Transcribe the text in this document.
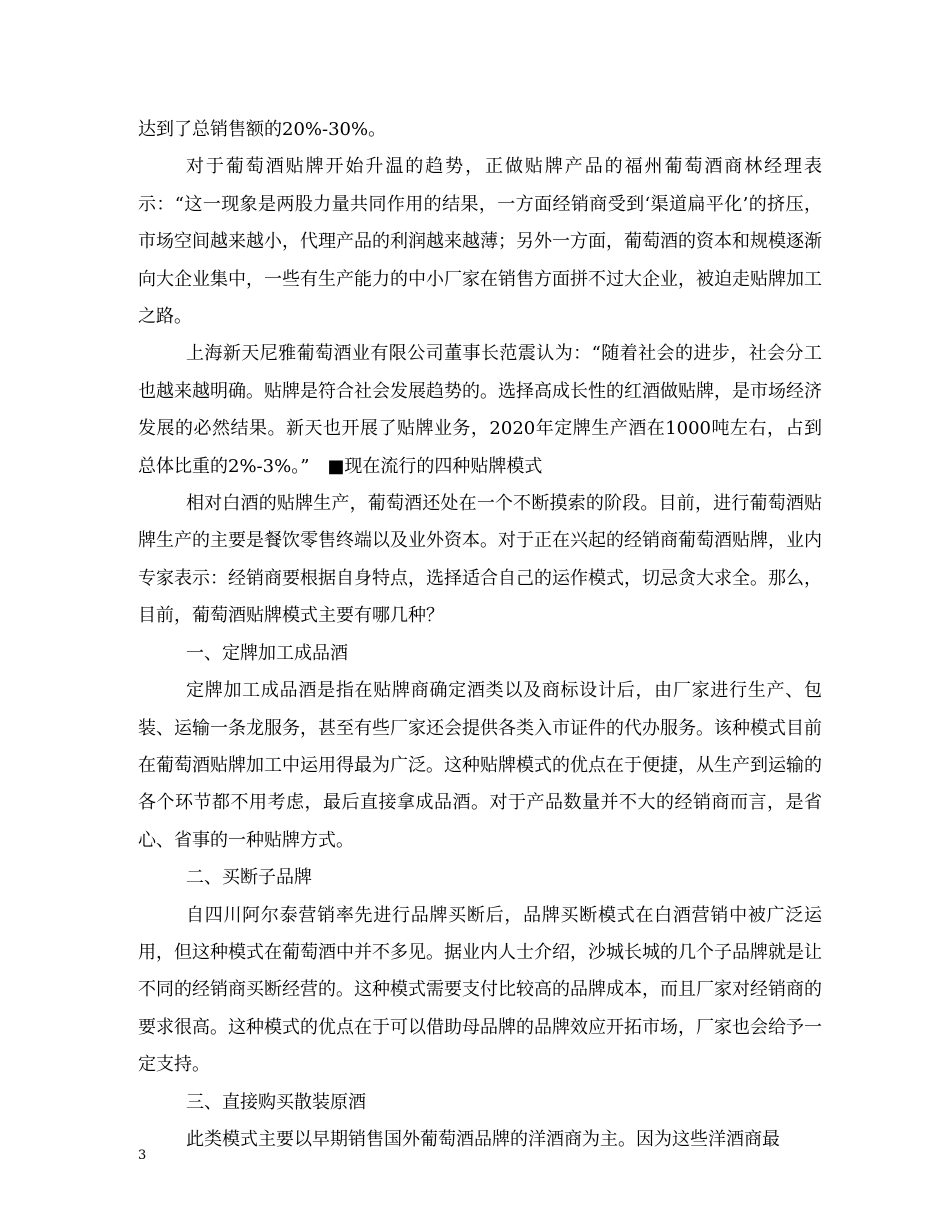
达到了总销售额的20%-30%。

对于葡萄酒贴牌开始升温的趋势，正做贴牌产品的福州葡萄酒商林经理表示：“这一现象是两股力量共同作用的结果，一方面经销商受到‘渠道扁平化’的挤压，市场空间越来越小，代理产品的利润越来越薄；另外一方面，葡萄酒的资本和规模逐渐向大企业集中，一些有生产能力的中小厂家在销售方面拼不过大企业，被迫走贴牌加工之路。

上海新天尼雅葡萄酒业有限公司董事长范震认为：“随着社会的进步，社会分工也越来越明确。贴牌是符合社会发展趋势的。选择高成长性的红酒做贴牌，是市场经济发展的必然结果。新天也开展了贴牌业务，2020年定牌生产酒在1000吨左右，占到总体比重的2%-3%。”　■现在流行的四种贴牌模式

相对白酒的贴牌生产，葡萄酒还处在一个不断摸索的阶段。目前，进行葡萄酒贴牌生产的主要是餐饮零售终端以及业外资本。对于正在兴起的经销商葡萄酒贴牌，业内专家表示：经销商要根据自身特点，选择适合自己的运作模式，切忌贪大求全。那么，目前，葡萄酒贴牌模式主要有哪几种？

一、定牌加工成品酒

定牌加工成品酒是指在贴牌商确定酒类以及商标设计后，由厂家进行生产、包装、运输一条龙服务，甚至有些厂家还会提供各类入市证件的代办服务。该种模式目前在葡萄酒贴牌加工中运用得最为广泛。这种贴牌模式的优点在于便捷，从生产到运输的各个环节都不用考虑，最后直接拿成品酒。对于产品数量并不大的经销商而言，是省心、省事的一种贴牌方式。

二、买断子品牌

自四川阿尔泰营销率先进行品牌买断后，品牌买断模式在白酒营销中被广泛运用，但这种模式在葡萄酒中并不多见。据业内人士介绍，沙城长城的几个子品牌就是让不同的经销商买断经营的。这种模式需要支付比较高的品牌成本，而且厂家对经销商的要求很高。这种模式的优点在于可以借助母品牌的品牌效应开拓市场，厂家也会给予一定支持。

三、直接购买散装原酒

此类模式主要以早期销售国外葡萄酒品牌的洋酒商为主。因为这些洋酒商最

3
